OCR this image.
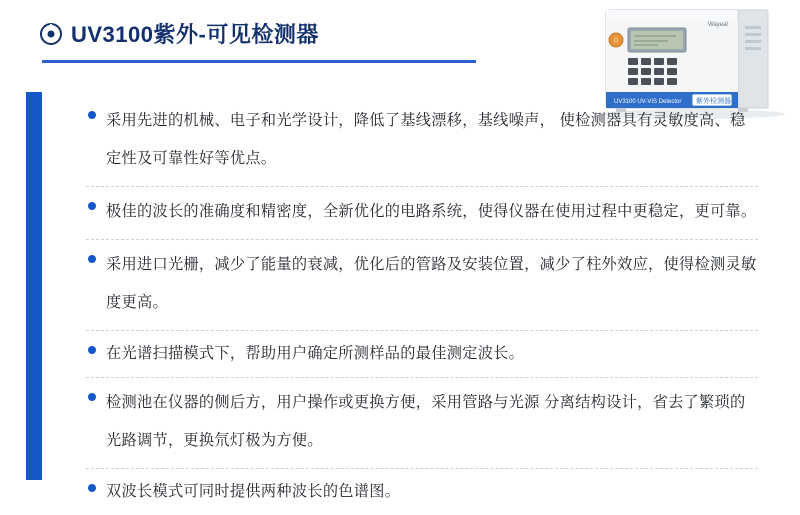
UV3100紫外-可见检测器	Wayeal
UV3100 UV-VIS Detector 紫外检测器

采用先进的机械、电子和光学设计，降低了基线漂移，基线噪声， 使检测器具有灵敏度高、稳定性及可靠性好等优点。

极佳的波长的准确度和精密度，全新优化的电路系统，使得仪器在使用过程中更稳定，更可靠。

采用进口光栅，减少了能量的衰减，优化后的管路及安装位置，减少了柱外效应，使得检测灵敏度更高。

在光谱扫描模式下，帮助用户确定所测样品的最佳测定波长。

检测池在仪器的侧后方，用户操作或更换方便，采用管路与光源 分离结构设计，省去了繁琐的光路调节，更换氘灯极为方便。

双波长模式可同时提供两种波长的色谱图。
